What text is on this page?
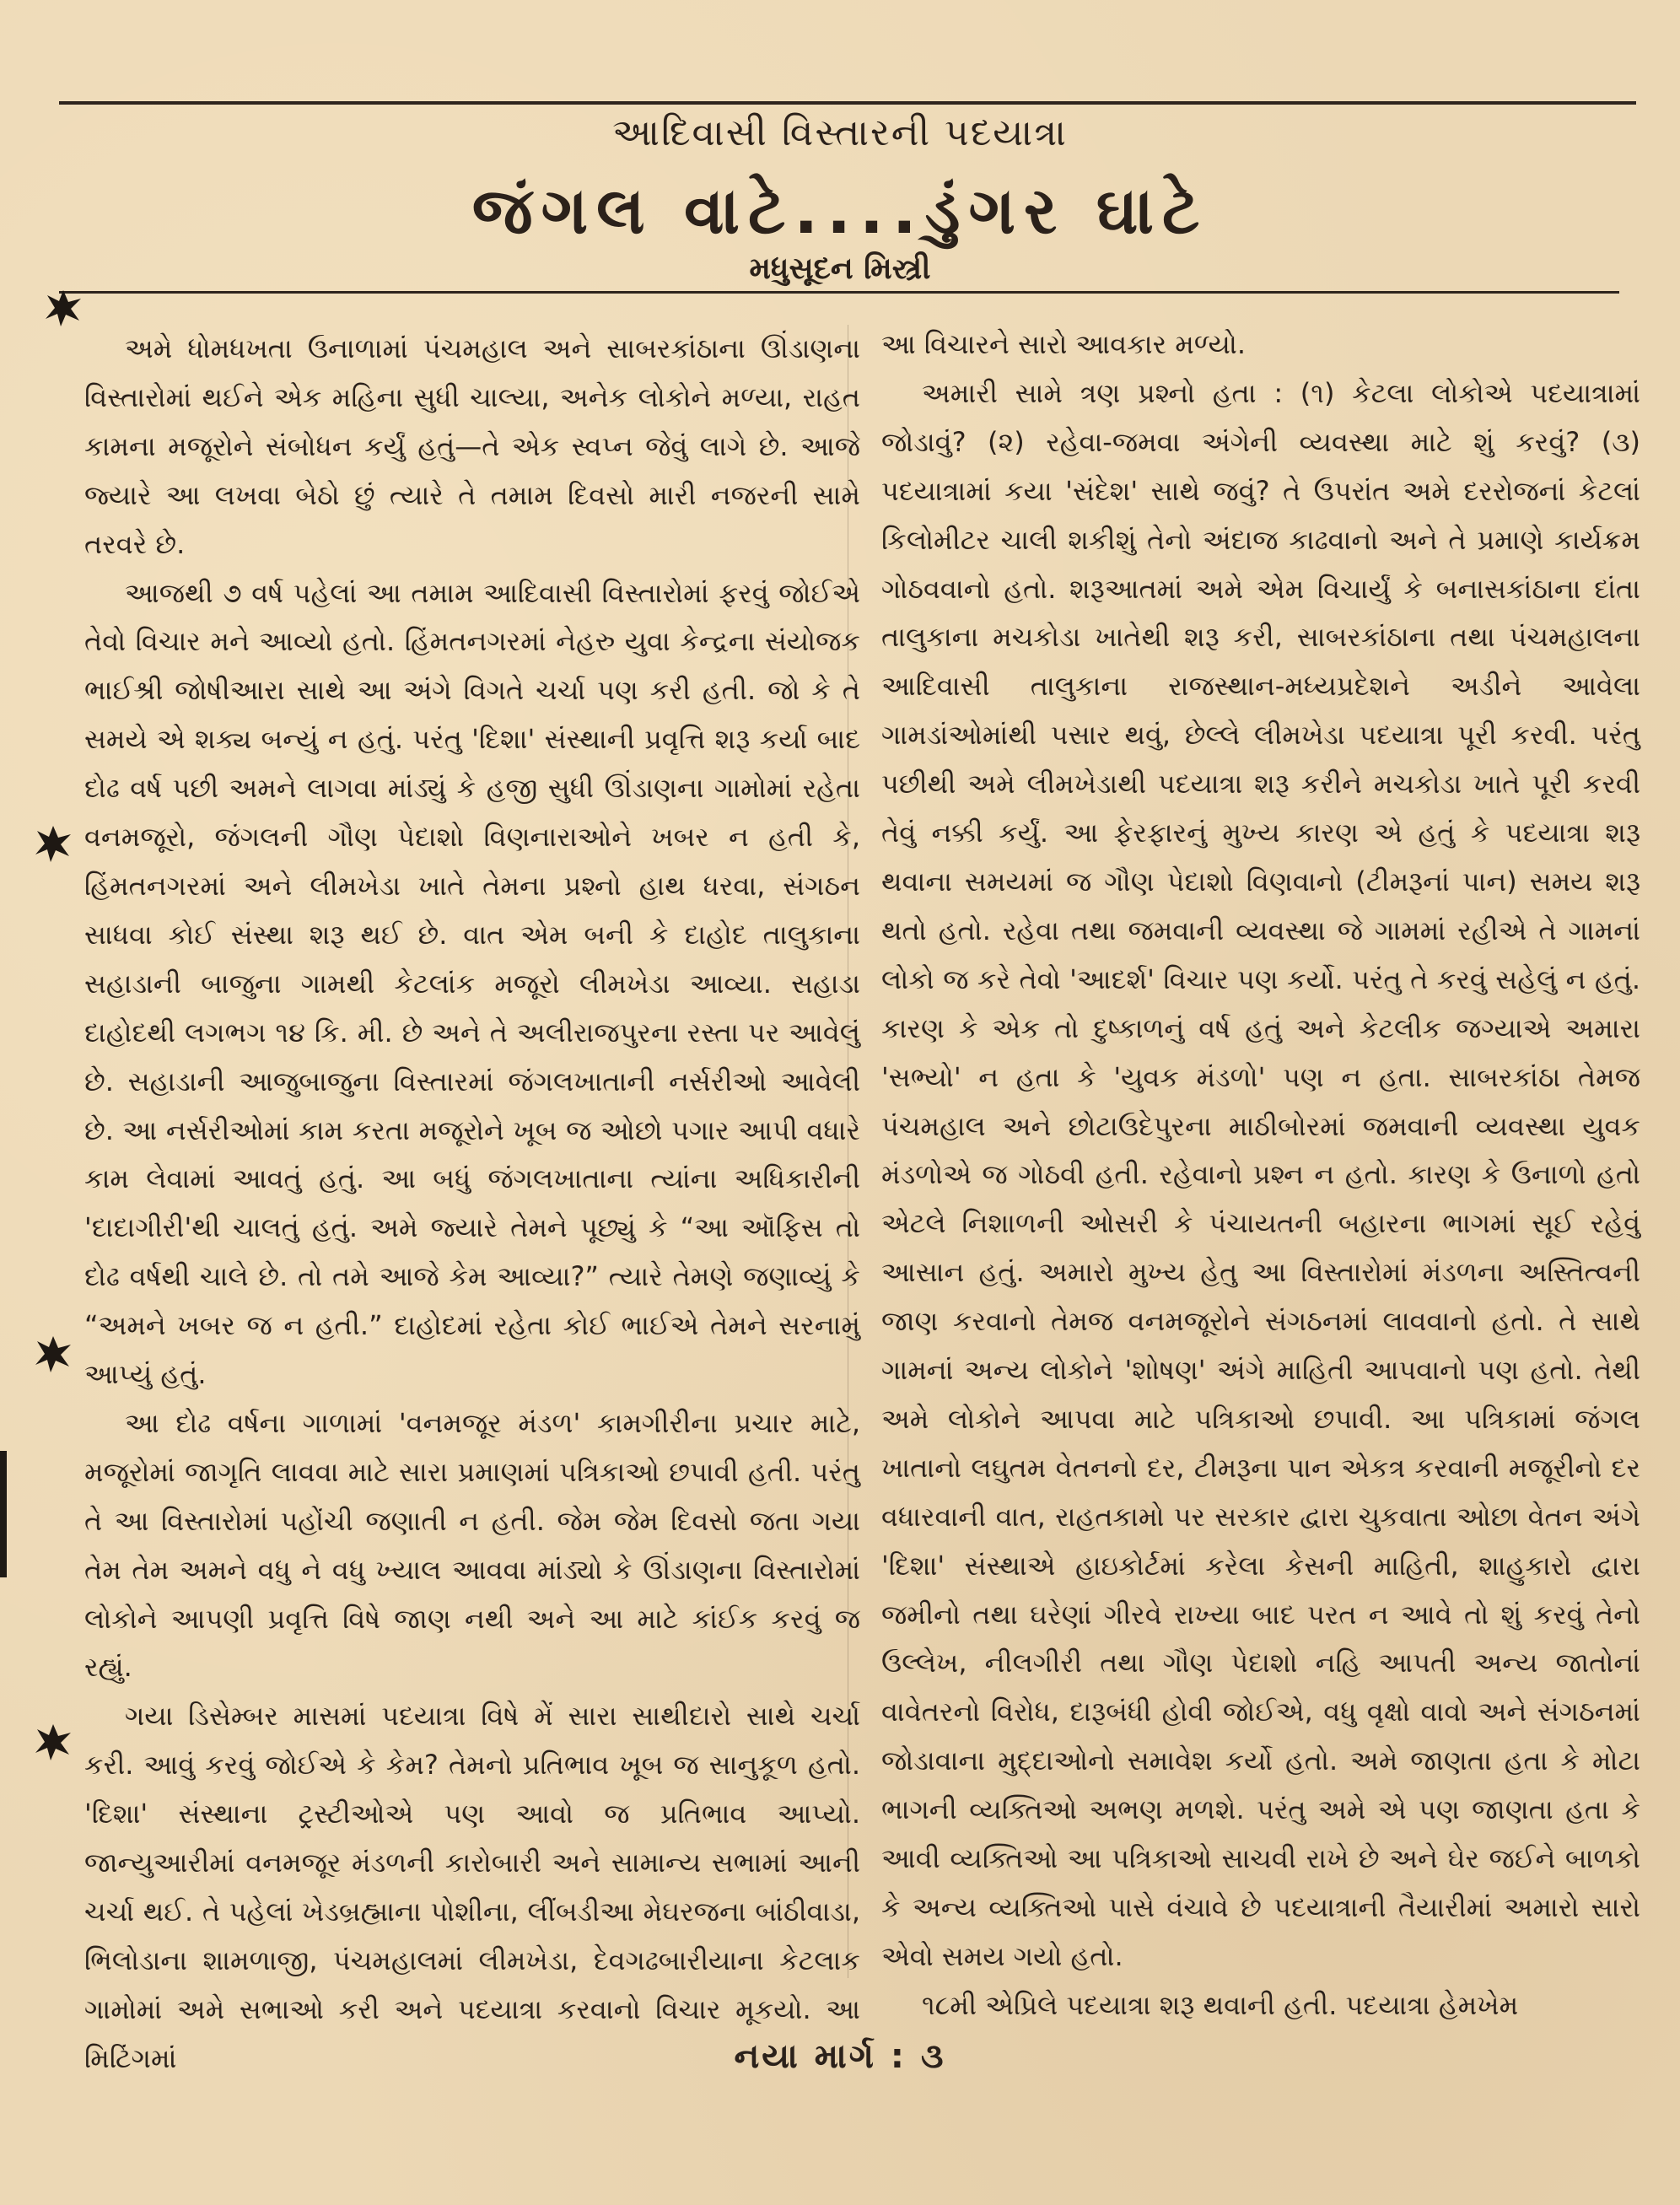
આદિવાસી વિસ્તારની પદયાત્રા
જંગલ વાટે....ડુંગર ઘાટે
મધુસૂદન મિસ્ત્રી

અમે ધોમધખતા ઉનાળામાં પંચમહાલ અને સાબરકાંઠાના ઊંડાણના વિસ્તારોમાં થઈને એક મહિના સુધી ચાલ્યા, અનેક લોકોને મળ્યા, રાહત કામના મજૂરોને સંબોધન કર્યું હતું—તે એક સ્વપ્ન જેવું લાગે છે. આજે જ્યારે આ લખવા બેઠો છું ત્યારે તે તમામ દિવસો મારી નજરની સામે તરવરે છે.

આજથી ૭ વર્ષ પહેલાં આ તમામ આદિવાસી વિસ્તારોમાં ફરવું જોઈએ તેવો વિચાર મને આવ્યો હતો. હિંમતનગરમાં નેહરુ યુવા કેન્દ્રના સંયોજક ભાઈશ્રી જોષીઆરા સાથે આ અંગે વિગતે ચર્ચા પણ કરી હતી. જો કે તે સમયે એ શક્ય બન્યું ન હતું. પરંતુ 'દિશા' સંસ્થાની પ્રવૃત્તિ શરૂ કર્યા બાદ દોઢ વર્ષ પછી અમને લાગવા માંડ્યું કે હજી સુધી ઊંડાણના ગામોમાં રહેતા વનમજૂરો, જંગલની ગૌણ પેદાશો વિણનારાઓને ખબર ન હતી કે, હિંમતનગરમાં અને લીમખેડા ખાતે તેમના પ્રશ્નો હાથ ધરવા, સંગઠન સાધવા કોઈ સંસ્થા શરૂ થઈ છે. વાત એમ બની કે દાહોદ તાલુકાના સહાડાની બાજુના ગામથી કેટલાંક મજૂરો લીમખેડા આવ્યા. સહાડા દાહોદથી લગભગ ૧૪ કિ. મી. છે અને તે અલીરાજપુરના રસ્તા પર આવેલું છે. સહાડાની આજુબાજુના વિસ્તારમાં જંગલખાતાની નર્સરીઓ આવેલી છે. આ નર્સરીઓમાં કામ કરતા મજૂરોને ખૂબ જ ઓછો પગાર આપી વધારે કામ લેવામાં આવતું હતું. આ બધું જંગલખાતાના ત્યાંના અધિકારીની 'દાદાગીરી'થી ચાલતું હતું. અમે જ્યારે તેમને પૂછ્યું કે “આ ઑફિસ તો દોઢ વર્ષથી ચાલે છે. તો તમે આજે કેમ આવ્યા?” ત્યારે તેમણે જણાવ્યું કે “અમને ખબર જ ન હતી.” દાહોદમાં રહેતા કોઈ ભાઈએ તેમને સરનામું આપ્યું હતું.

આ દોઢ વર્ષના ગાળામાં 'વનમજૂર મંડળ' કામગીરીના પ્રચાર માટે, મજૂરોમાં જાગૃતિ લાવવા માટે સારા પ્રમાણમાં પત્રિકાઓ છપાવી હતી. પરંતુ તે આ વિસ્તારોમાં પહોંચી જણાતી ન હતી. જેમ જેમ દિવસો જતા ગયા તેમ તેમ અમને વધુ ને વધુ ખ્યાલ આવવા માંડ્યો કે ઊંડાણના વિસ્તારોમાં લોકોને આપણી પ્રવૃત્તિ વિષે જાણ નથી અને આ માટે કાંઈક કરવું જ રહ્યું.

ગયા ડિસેમ્બર માસમાં પદયાત્રા વિષે મેં સારા સાથીદારો સાથે ચર્ચા કરી. આવું કરવું જોઈએ કે કેમ? તેમનો પ્રતિભાવ ખૂબ જ સાનુકૂળ હતો. 'દિશા' સંસ્થાના ટ્રસ્ટીઓએ પણ આવો જ પ્રતિભાવ આપ્યો. જાન્યુઆરીમાં વનમજૂર મંડળની કારોબારી અને સામાન્ય સભામાં આની ચર્ચા થઈ. તે પહેલાં ખેડબ્રહ્માના પોશીના, લીંબડીઆ મેઘરજના બાંઠીવાડા, ભિલોડાના શામળાજી, પંચમહાલમાં લીમખેડા, દેવગઢબારીયાના કેટલાક ગામોમાં અમે સભાઓ કરી અને પદયાત્રા કરવાનો વિચાર મૂકયો. આ મિટિંગમાં

આ વિચારને સારો આવકાર મળ્યો.

અમારી સામે ત્રણ પ્રશ્નો હતા : (૧) કેટલા લોકોએ પદયાત્રામાં જોડાવું? (૨) રહેવા-જમવા અંગેની વ્યવસ્થા માટે શું કરવું? (૩) પદયાત્રામાં કયા 'સંદેશ' સાથે જવું? તે ઉપરાંત અમે દરરોજનાં કેટલાં કિલોમીટર ચાલી શકીશું તેનો અંદાજ કાઢવાનો અને તે પ્રમાણે કાર્યક્રમ ગોઠવવાનો હતો. શરૂઆતમાં અમે એમ વિચાર્યું કે બનાસકાંઠાના દાંતા તાલુકાના મચકોડા ખાતેથી શરૂ કરી, સાબરકાંઠાના તથા પંચમહાલના આદિવાસી તાલુકાના રાજસ્થાન-મધ્યપ્રદેશને અડીને આવેલા ગામડાંઓમાંથી પસાર થવું, છેલ્લે લીમખેડા પદયાત્રા પૂરી કરવી. પરંતુ પછીથી અમે લીમખેડાથી પદયાત્રા શરૂ કરીને મચકોડા ખાતે પૂરી કરવી તેવું નક્કી કર્યું. આ ફેરફારનું મુખ્ય કારણ એ હતું કે પદયાત્રા શરૂ થવાના સમયમાં જ ગૌણ પેદાશો વિણવાનો (ટીમરૂનાં પાન) સમય શરૂ થતો હતો. રહેવા તથા જમવાની વ્યવસ્થા જે ગામમાં રહીએ તે ગામનાં લોકો જ કરે તેવો 'આદર્શ' વિચાર પણ કર્યો. પરંતુ તે કરવું સહેલું ન હતું. કારણ કે એક તો દુષ્કાળનું વર્ષ હતું અને કેટલીક જગ્યાએ અમારા 'સભ્યો' ન હતા કે 'યુવક મંડળો' પણ ન હતા. સાબરકાંઠા તેમજ પંચમહાલ અને છોટાઉદેપુરના માઠીબોરમાં જમવાની વ્યવસ્થા યુવક મંડળોએ જ ગોઠવી હતી. રહેવાનો પ્રશ્ન ન હતો. કારણ કે ઉનાળો હતો એટલે નિશાળની ઓસરી કે પંચાયતની બહારના ભાગમાં સૂઈ રહેવું આસાન હતું. અમારો મુખ્ય હેતુ આ વિસ્તારોમાં મંડળના અસ્તિત્વની જાણ કરવાનો તેમજ વનમજૂરોને સંગઠનમાં લાવવાનો હતો. તે સાથે ગામનાં અન્ય લોકોને 'શોષણ' અંગે માહિતી આપવાનો પણ હતો. તેથી અમે લોકોને આપવા માટે પત્રિકાઓ છપાવી. આ પત્રિકામાં જંગલ ખાતાનો લઘુતમ વેતનનો દર, ટીમરૂના પાન એકત્ર કરવાની મજૂરીનો દર વધારવાની વાત, રાહતકામો પર સરકાર દ્વારા ચુકવાતા ઓછા વેતન અંગે 'દિશા' સંસ્થાએ હાઇકોર્ટમાં કરેલા કેસની માહિતી, શાહુકારો દ્વારા જમીનો તથા ઘરેણાં ગીરવે રાખ્યા બાદ પરત ન આવે તો શું કરવું તેનો ઉલ્લેખ, નીલગીરી તથા ગૌણ પેદાશો નહિ આપતી અન્ય જાતોનાં વાવેતરનો વિરોધ, દારૂબંધી હોવી જોઈએ, વધુ વૃક્ષો વાવો અને સંગઠનમાં જોડાવાના મુદ્દાઓનો સમાવેશ કર્યો હતો. અમે જાણતા હતા કે મોટા ભાગની વ્યક્તિઓ અભણ મળશે. પરંતુ અમે એ પણ જાણતા હતા કે આવી વ્યક્તિઓ આ પત્રિકાઓ સાચવી રાખે છે અને ઘેર જઈને બાળકો કે અન્ય વ્યક્તિઓ પાસે વંચાવે છે પદયાત્રાની તૈયારીમાં અમારો સારો એવો સમય ગયો હતો.

૧૮મી એપ્રિલે પદયાત્રા શરૂ થવાની હતી. પદયાત્રા હેમખેમ

નયા માર્ગ : ૩
